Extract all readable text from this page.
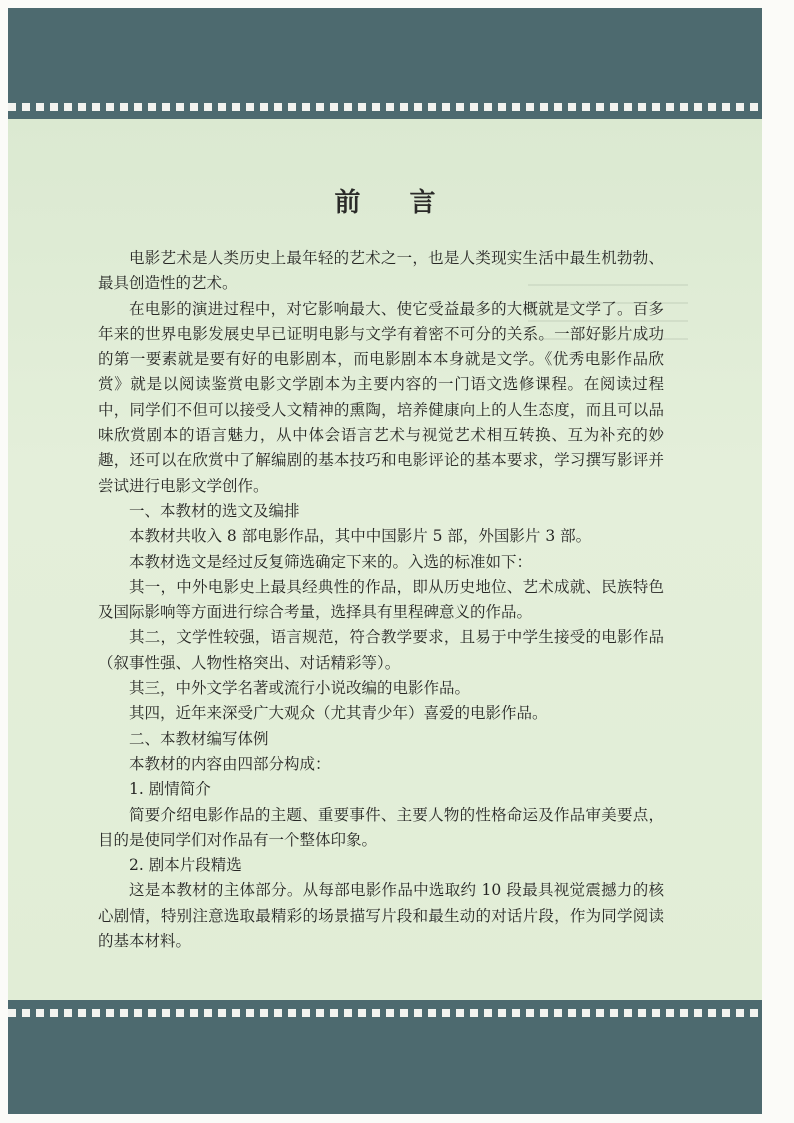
前 言

电影艺术是人类历史上最年轻的艺术之一，也是人类现实生活中最生机勃勃、最具创造性的艺术。

在电影的演进过程中，对它影响最大、使它受益最多的大概就是文学了。百多年来的世界电影发展史早已证明电影与文学有着密不可分的关系。一部好影片成功的第一要素就是要有好的电影剧本，而电影剧本本身就是文学。《优秀电影作品欣赏》就是以阅读鉴赏电影文学剧本为主要内容的一门语文选修课程。在阅读过程中，同学们不但可以接受人文精神的熏陶，培养健康向上的人生态度，而且可以品味欣赏剧本的语言魅力，从中体会语言艺术与视觉艺术相互转换、互为补充的妙趣，还可以在欣赏中了解编剧的基本技巧和电影评论的基本要求，学习撰写影评并尝试进行电影文学创作。

一、本教材的选文及编排

本教材共收入 8 部电影作品，其中中国影片 5 部，外国影片 3 部。

本教材选文是经过反复筛选确定下来的。入选的标准如下：

其一，中外电影史上最具经典性的作品，即从历史地位、艺术成就、民族特色及国际影响等方面进行综合考量，选择具有里程碑意义的作品。

其二，文学性较强，语言规范，符合教学要求，且易于中学生接受的电影作品（叙事性强、人物性格突出、对话精彩等）。

其三，中外文学名著或流行小说改编的电影作品。

其四，近年来深受广大观众（尤其青少年）喜爱的电影作品。

二、本教材编写体例

本教材的内容由四部分构成：

1. 剧情简介

简要介绍电影作品的主题、重要事件、主要人物的性格命运及作品审美要点，目的是使同学们对作品有一个整体印象。

2. 剧本片段精选

这是本教材的主体部分。从每部电影作品中选取约 10 段最具视觉震撼力的核心剧情，特别注意选取最精彩的场景描写片段和最生动的对话片段，作为同学阅读的基本材料。
